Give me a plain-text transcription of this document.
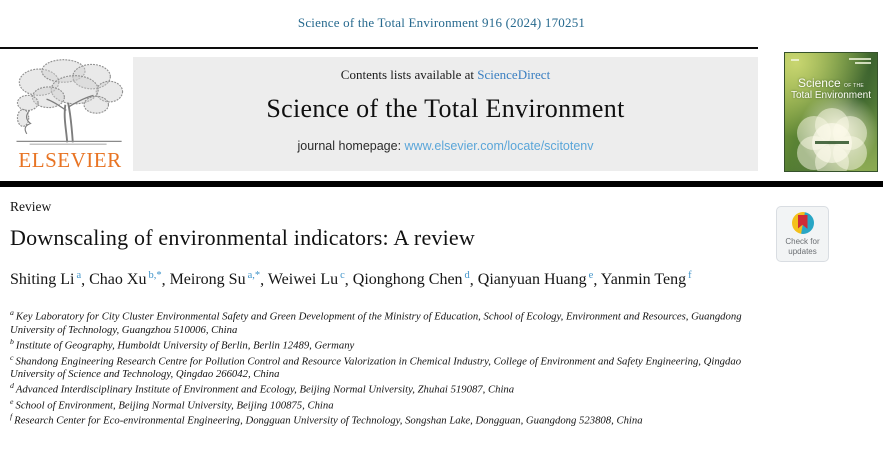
Science of the Total Environment 916 (2024) 170251
ELSEVIER
Contents lists available at ScienceDirect
Science of the Total Environment
journal homepage: www.elsevier.com/locate/scitotenv
Science OF THE
Total Environment
Review
Downscaling of environmental indicators: A review
Shiting Li $^a$, Chao Xu $^{b,*}$, Meirong Su $^{a,*}$, Weiwei Lu $^c$, Qionghong Chen $^d$, Qianyuan Huang $^e$, Yanmin Teng $^f$
$^a$ Key Laboratory for City Cluster Environmental Safety and Green Development of the Ministry of Education, School of Ecology, Environment and Resources, Guangdong University of Technology, Guangzhou 510006, China
$^b$ Institute of Geography, Humboldt University of Berlin, Berlin 12489, Germany
$^c$ Shandong Engineering Research Centre for Pollution Control and Resource Valorization in Chemical Industry, College of Environment and Safety Engineering, Qingdao University of Science and Technology, Qingdao 266042, China
$^d$ Advanced Interdisciplinary Institute of Environment and Ecology, Beijing Normal University, Zhuhai 519087, China
$^e$ School of Environment, Beijing Normal University, Beijing 100875, China
$^f$ Research Center for Eco-environmental Engineering, Dongguan University of Technology, Songshan Lake, Dongguan, Guangdong 523808, China
Check for updates
